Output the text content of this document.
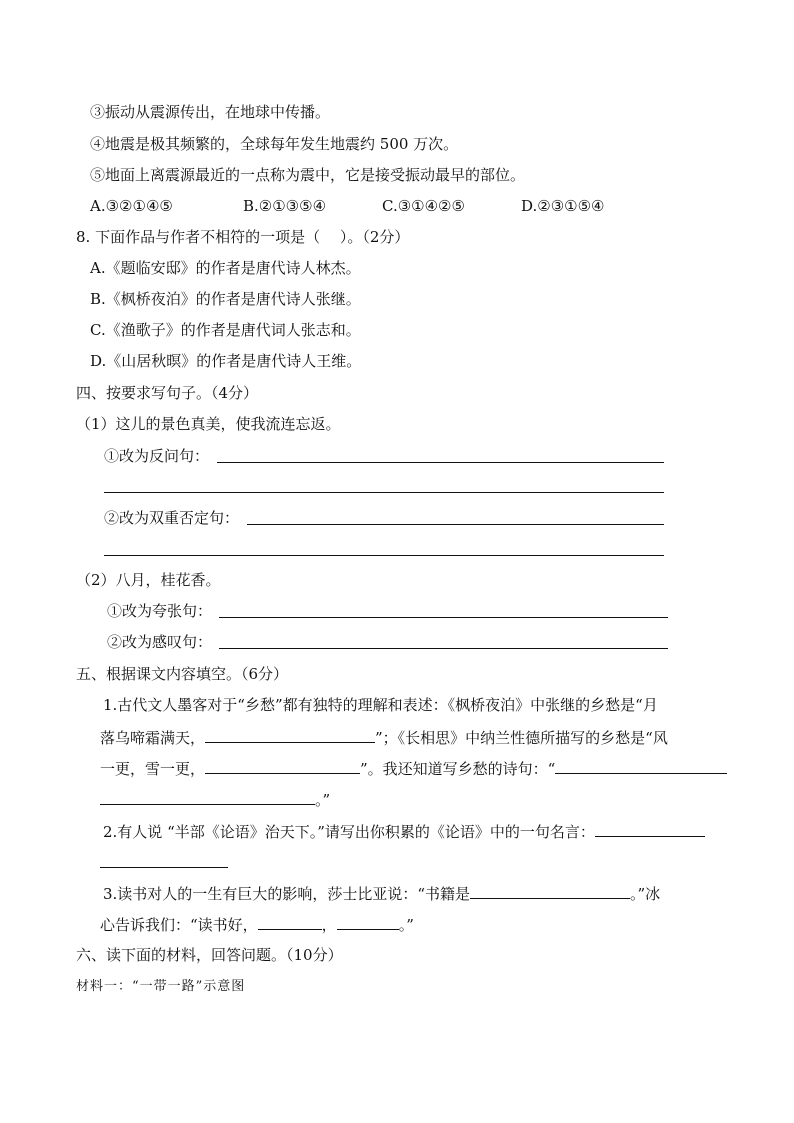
③振动从震源传出，在地球中传播。
④地震是极其频繁的，全球每年发生地震约 500 万次。
⑤地面上离震源最近的一点称为震中，它是接受振动最早的部位。
A.③②①④⑤	B.②①③⑤④	C.③①④②⑤	D.②③①⑤④
8. 下面作品与作者不相符的一项是（　 ）。（2分）
A.《题临安邸》的作者是唐代诗人林杰。
B.《枫桥夜泊》的作者是唐代诗人张继。
C.《渔歌子》的作者是唐代词人张志和。
D.《山居秋暝》的作者是唐代诗人王维。
四、按要求写句子。（4分）
（1）这儿的景色真美，使我流连忘返。
①改为反问句：
②改为双重否定句：
（2）八月，桂花香。
①改为夸张句：
②改为感叹句：
五、根据课文内容填空。（6分）
1.古代文人墨客对于“乡愁”都有独特的理解和表述：《枫桥夜泊》中张继的乡愁是“月
落乌啼霜满天，	”；《长相思》中纳兰性德所描写的乡愁是“风
一更，雪一更，	”。我还知道写乡愁的诗句：“
。”
2.有人说 “半部《论语》治天下。”请写出你积累的《论语》中的一句名言：
3.读书对人的一生有巨大的影响，莎士比亚说：“书籍是	。”冰
心告诉我们：“读书好，	，	。”
六、读下面的材料，回答问题。（10分）
材料一：“一带一路”示意图
